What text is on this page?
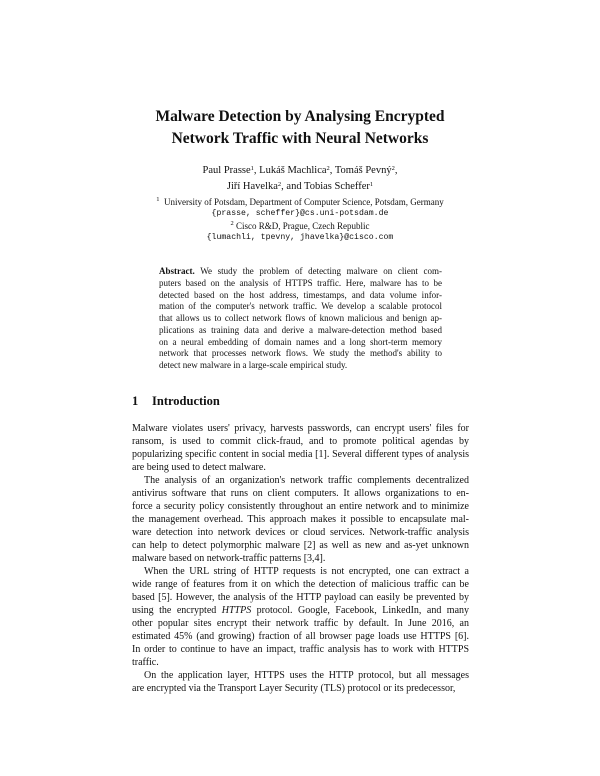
Malware Detection by Analysing Encrypted
Network Traffic with Neural Networks
Paul Prasse$^1$, Lukáš Machlica$^2$, Tomáš Pevný$^2$,
Jiří Havelka$^2$, and Tobias Scheffer$^1$
$^1$ University of Potsdam, Department of Computer Science, Potsdam, Germany
{prasse, scheffer}@cs.uni-potsdam.de
$^2$ Cisco R&D, Prague, Czech Republic
{lumachli, tpevny, jhavelka}@cisco.com
Abstract. We study the problem of detecting malware on client com-
puters based on the analysis of HTTPS traffic. Here, malware has to be
detected based on the host address, timestamps, and data volume infor-
mation of the computer's network traffic. We develop a scalable protocol
that allows us to collect network flows of known malicious and benign ap-
plications as training data and derive a malware-detection method based
on a neural embedding of domain names and a long short-term memory
network that processes network flows. We study the method's ability to
detect new malware in a large-scale empirical study.
1 Introduction
Malware violates users' privacy, harvests passwords, can encrypt users' files for
ransom, is used to commit click-fraud, and to promote political agendas by
popularizing specific content in social media [1]. Several different types of analysis
are being used to detect malware.
The analysis of an organization's network traffic complements decentralized
antivirus software that runs on client computers. It allows organizations to en-
force a security policy consistently throughout an entire network and to minimize
the management overhead. This approach makes it possible to encapsulate mal-
ware detection into network devices or cloud services. Network-traffic analysis
can help to detect polymorphic malware [2] as well as new and as-yet unknown
malware based on network-traffic patterns [3,4].
When the URL string of HTTP requests is not encrypted, one can extract a
wide range of features from it on which the detection of malicious traffic can be
based [5]. However, the analysis of the HTTP payload can easily be prevented by
using the encrypted HTTPS protocol. Google, Facebook, LinkedIn, and many
other popular sites encrypt their network traffic by default. In June 2016, an
estimated 45% (and growing) fraction of all browser page loads use HTTPS [6].
In order to continue to have an impact, traffic analysis has to work with HTTPS
traffic.
On the application layer, HTTPS uses the HTTP protocol, but all messages
are encrypted via the Transport Layer Security (TLS) protocol or its predecessor,
